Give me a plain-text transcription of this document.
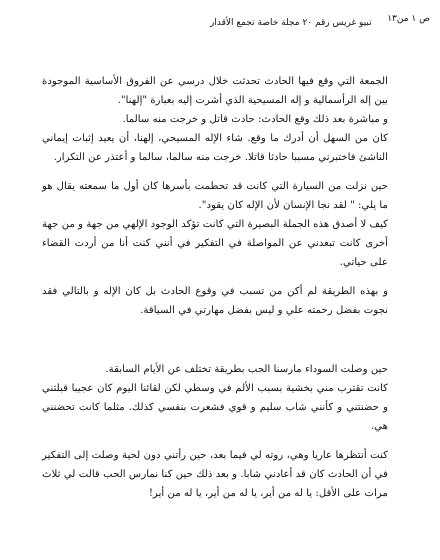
تبيو غريس رقم ٢٠ مجلة خاصة تجمع الأقدار ص ١ من١٣

الجمعة التي وقع فيها الحادث تحدثت خلال درسي عن الفروق الأساسية الموجودة بين إله الرأسمالية و إله المسيحية الذي أشرت إليه بعبارة "إلهنا".

و مباشرة بعد ذلك وقع الحادث: حادث قاتل و خرجت منه سالما.

كان من السهل أن أدرك ما وقع. شاء الإله المسيحي، إلهنا، أن يعيد إثبات إيماني الناشئ فاختبرني مسببا حادثا قاتلا. خرجت منه سالما، سالما و أعتذر عن التكرار.

حين نزلت من السيارة التي كانت قد تحطمت بأسرها كان أول ما سمعته يقال هو ما يلي: " لقد نجا الإنسان لأن الإله كان يقود".

كيف لا أصدق هذه الجملة البصيرة التي كانت تؤكد الوجود الإلهي من جهة و من جهة أخرى كانت تبعدني عن المواصلة في التفكير في أنني كنت أنا من أردت القضاء على حياتي.

و بهذه الطريقة لم أكن من تسبب في وقوع الحادث بل كان الإله و بالتالي فقد نجوت بفضل رحمته علي و ليس بفضل مهارتي في السياقة.

حين وصلت السوداء مارسنا الحب بطريقة تختلف عن الأيام السابقة.

كانت تقترب مني بخشية بسبب الألم في وسطي لكن لقائنا اليوم كان عجيبا قبلتني و حضنتني و كأنني شاب سليم و قوي فشعرت بنفسي كذلك. مثلما كانت تحضنني هي.

كنت أنتظرها عاريا وهي، روته لي فيما بعد، حين رأتني دون لحية وصلت إلى التفكير في أن الحادث كان قد أعادني شابا. و بعد ذلك حين كنا نمارس الحب قالت لي ثلاث مرات على الأقل: يا له من أير، يا له من أير، يا له من أير!
